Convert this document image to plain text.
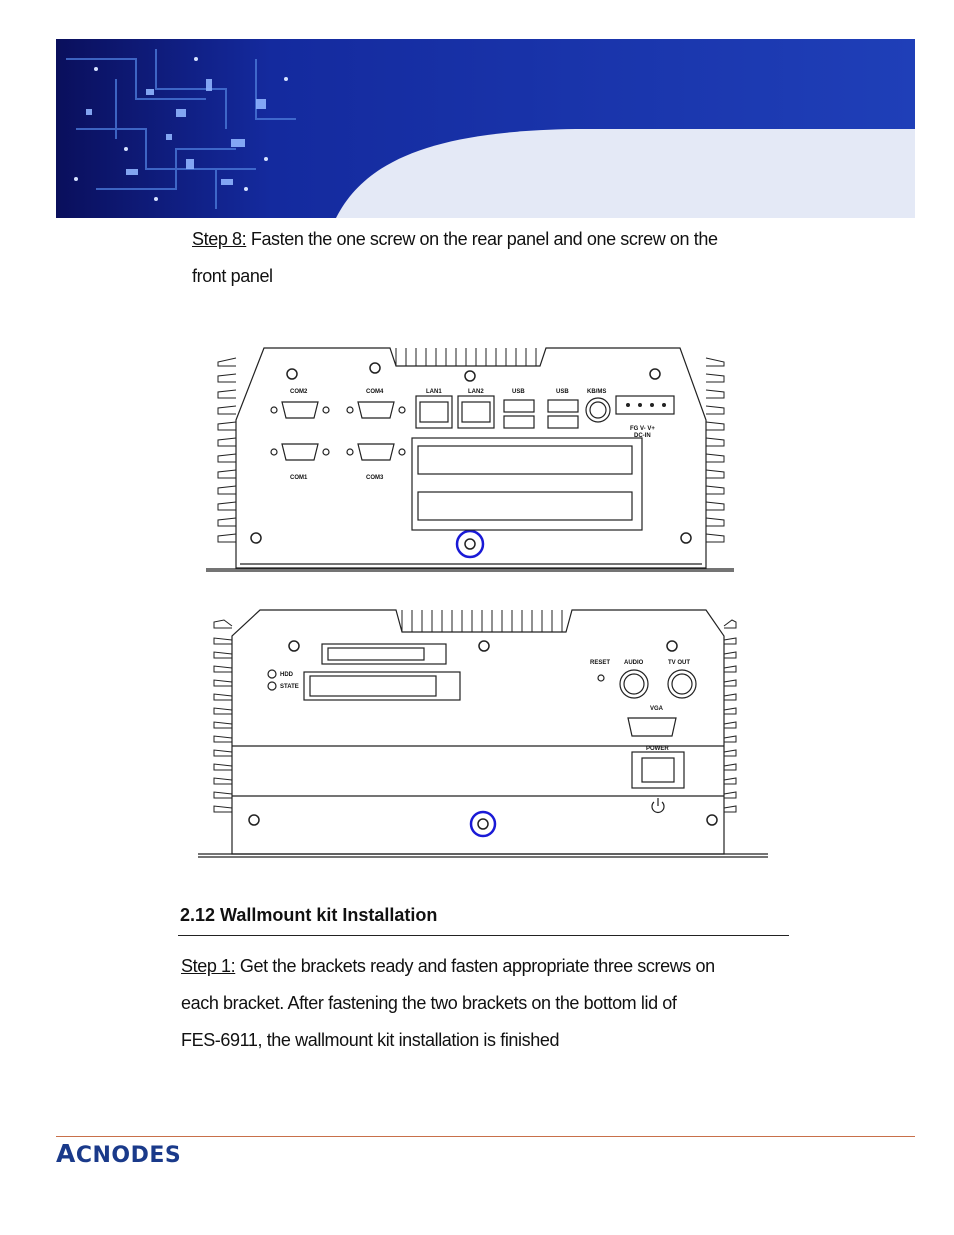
Step 8: Fasten the one screw on the rear panel and one screw on the
front panel
COM2	COM4	LAN1	LAN2	USB	USB	KB/MS
FG V- V+
DC-IN
COM1	COM3
HDD
STATE
RESET AUDIO	TV OUT
VGA
POWER
2.12 Wallmount kit Installation
Step 1: Get the brackets ready and fasten appropriate three screws on
each bracket. After fastening the two brackets on the bottom lid of
FES-6911, the wallmount kit installation is finished
ACNODES
